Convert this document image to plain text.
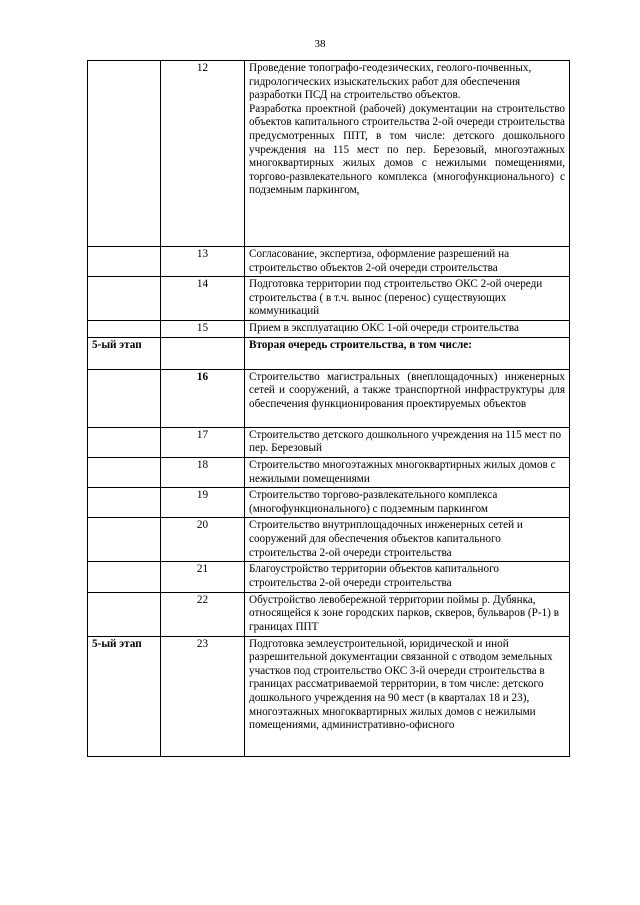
38
	12	Проведение топографо-геодезических, геолого-почвенных, гидрологических изыскательских работ для обеспечения разработки ПСД на строительство объектов.
Разработка проектной (рабочей) документации на строительство объектов капитального строительства 2-ой очереди строительства предусмотренных ППТ, в том числе: детского дошкольного учреждения на 115 мест по пер. Березовый, многоэтажных многоквартирных жилых домов с нежилыми помещениями, торгово-развлекательного комплекса (многофункционального) с подземным паркингом,

	13	Согласование, экспертиза, оформление разрешений на строительство объектов 2-ой очереди строительства
	14	Подготовка территории под строительство ОКС 2-ой очереди строительства ( в т.ч. вынос (перенос) существующих коммуникаций
	15	Прием в эксплуатацию ОКС 1-ой очереди строительства
5-ый этап		Вторая очередь строительства, в том числе:
	16	Строительство магистральных (внеплощадочных) инженерных сетей и сооружений, а также транспортной инфраструктуры для обеспечения функционирования проектируемых объектов
	17	Строительство детского дошкольного учреждения на 115 мест по пер. Березовый
	18	Строительство многоэтажных многоквартирных жилых домов с нежилыми помещениями
	19	Строительство торгово-развлекательного комплекса (многофункционального) с подземным паркингом
	20	Строительство внутриплощадочных инженерных сетей и сооружений для обеспечения объектов капитального строительства 2-ой очереди строительства
	21	Благоустройство территории объектов капитального строительства 2-ой очереди строительства
	22	Обустройство левобережной территории поймы р. Дубянка, относящейся к зоне городских парков, скверов, бульваров (Р-1) в границах ППТ
5-ый этап	23	Подготовка землеустроительной, юридической и иной разрешительной документации связанной с отводом земельных участков под строительство ОКС 3-й очереди строительства в границах рассматриваемой территории, в том числе: детского дошкольного учреждения на 90 мест (в кварталах 18 и 23), многоэтажных многоквартирных жилых домов с нежилыми помещениями, административно-офисного
